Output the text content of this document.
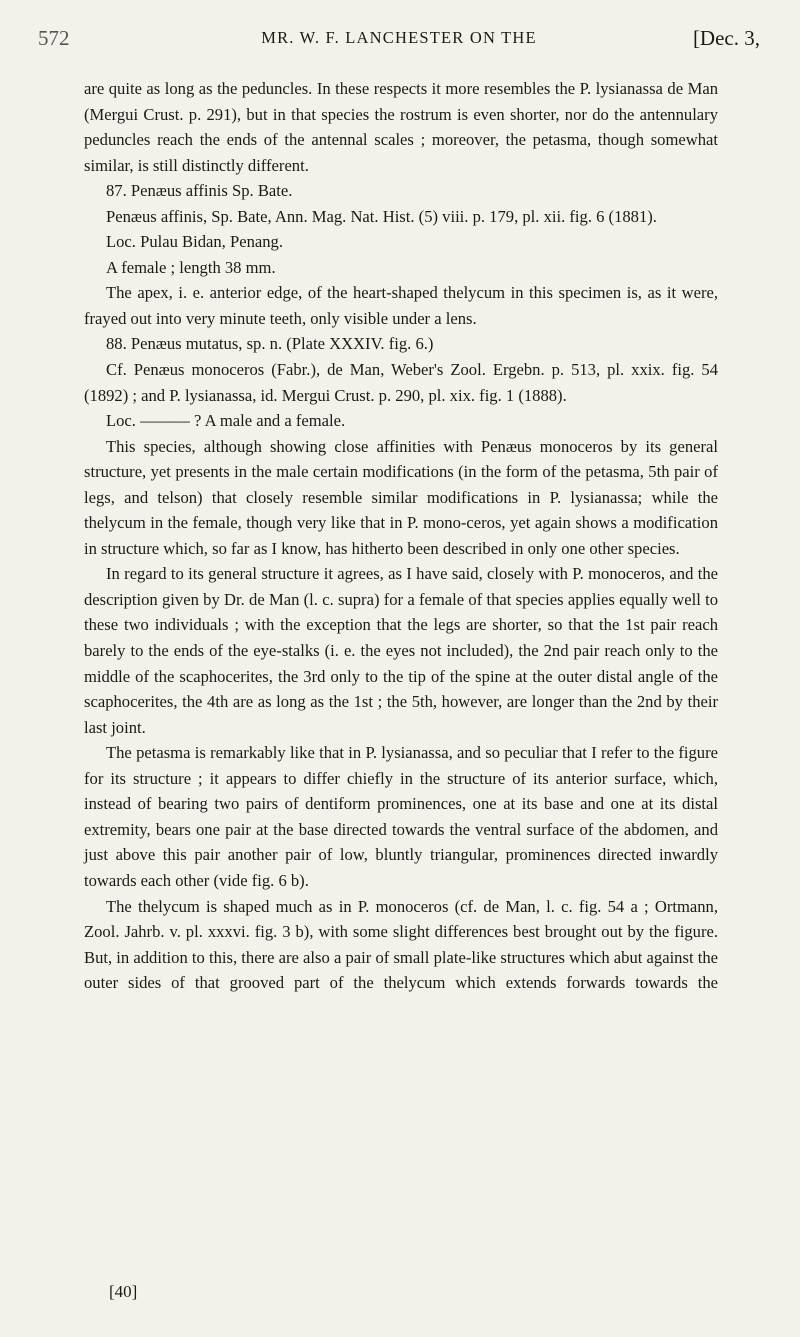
572	MR. W. F. LANCHESTER ON THE	[Dec. 3,

are quite as long as the peduncles. In these respects it more resembles the P. lysianassa de Man (Mergui Crust. p. 291), but in that species the rostrum is even shorter, nor do the antennulary peduncles reach the ends of the antennal scales ; moreover, the petasma, though somewhat similar, is still distinctly different.

87. Penæus affinis Sp. Bate.

Penæus affinis, Sp. Bate, Ann. Mag. Nat. Hist. (5) viii. p. 179, pl. xii. fig. 6 (1881).

Loc. Pulau Bidan, Penang.

A female ; length 38 mm.

The apex, i. e. anterior edge, of the heart-shaped thelycum in this specimen is, as it were, frayed out into very minute teeth, only visible under a lens.

88. Penæus mutatus, sp. n. (Plate XXXIV. fig. 6.)

Cf. Penæus monoceros (Fabr.), de Man, Weber's Zool. Ergebn. p. 513, pl. xxix. fig. 54 (1892) ; and P. lysianassa, id. Mergui Crust. p. 290, pl. xix. fig. 1 (1888).

Loc. ——— ? A male and a female.

This species, although showing close affinities with Penæus monoceros by its general structure, yet presents in the male certain modifications (in the form of the petasma, 5th pair of legs, and telson) that closely resemble similar modifications in P. lysianassa; while the thelycum in the female, though very like that in P. mono-ceros, yet again shows a modification in structure which, so far as I know, has hitherto been described in only one other species.

In regard to its general structure it agrees, as I have said, closely with P. monoceros, and the description given by Dr. de Man (l. c. supra) for a female of that species applies equally well to these two individuals ; with the exception that the legs are shorter, so that the 1st pair reach barely to the ends of the eye-stalks (i. e. the eyes not included), the 2nd pair reach only to the middle of the scaphocerites, the 3rd only to the tip of the spine at the outer distal angle of the scaphocerites, the 4th are as long as the 1st ; the 5th, however, are longer than the 2nd by their last joint.

The petasma is remarkably like that in P. lysianassa, and so peculiar that I refer to the figure for its structure ; it appears to differ chiefly in the structure of its anterior surface, which, instead of bearing two pairs of dentiform prominences, one at its base and one at its distal extremity, bears one pair at the base directed towards the ventral surface of the abdomen, and just above this pair another pair of low, bluntly triangular, prominences directed inwardly towards each other (vide fig. 6 b).

The thelycum is shaped much as in P. monoceros (cf. de Man, l. c. fig. 54 a ; Ortmann, Zool. Jahrb. v. pl. xxxvi. fig. 3 b), with some slight differences best brought out by the figure. But, in addition to this, there are also a pair of small plate-like structures which abut against the outer sides of that grooved part of the thelycum which extends forwards towards the

[40]
